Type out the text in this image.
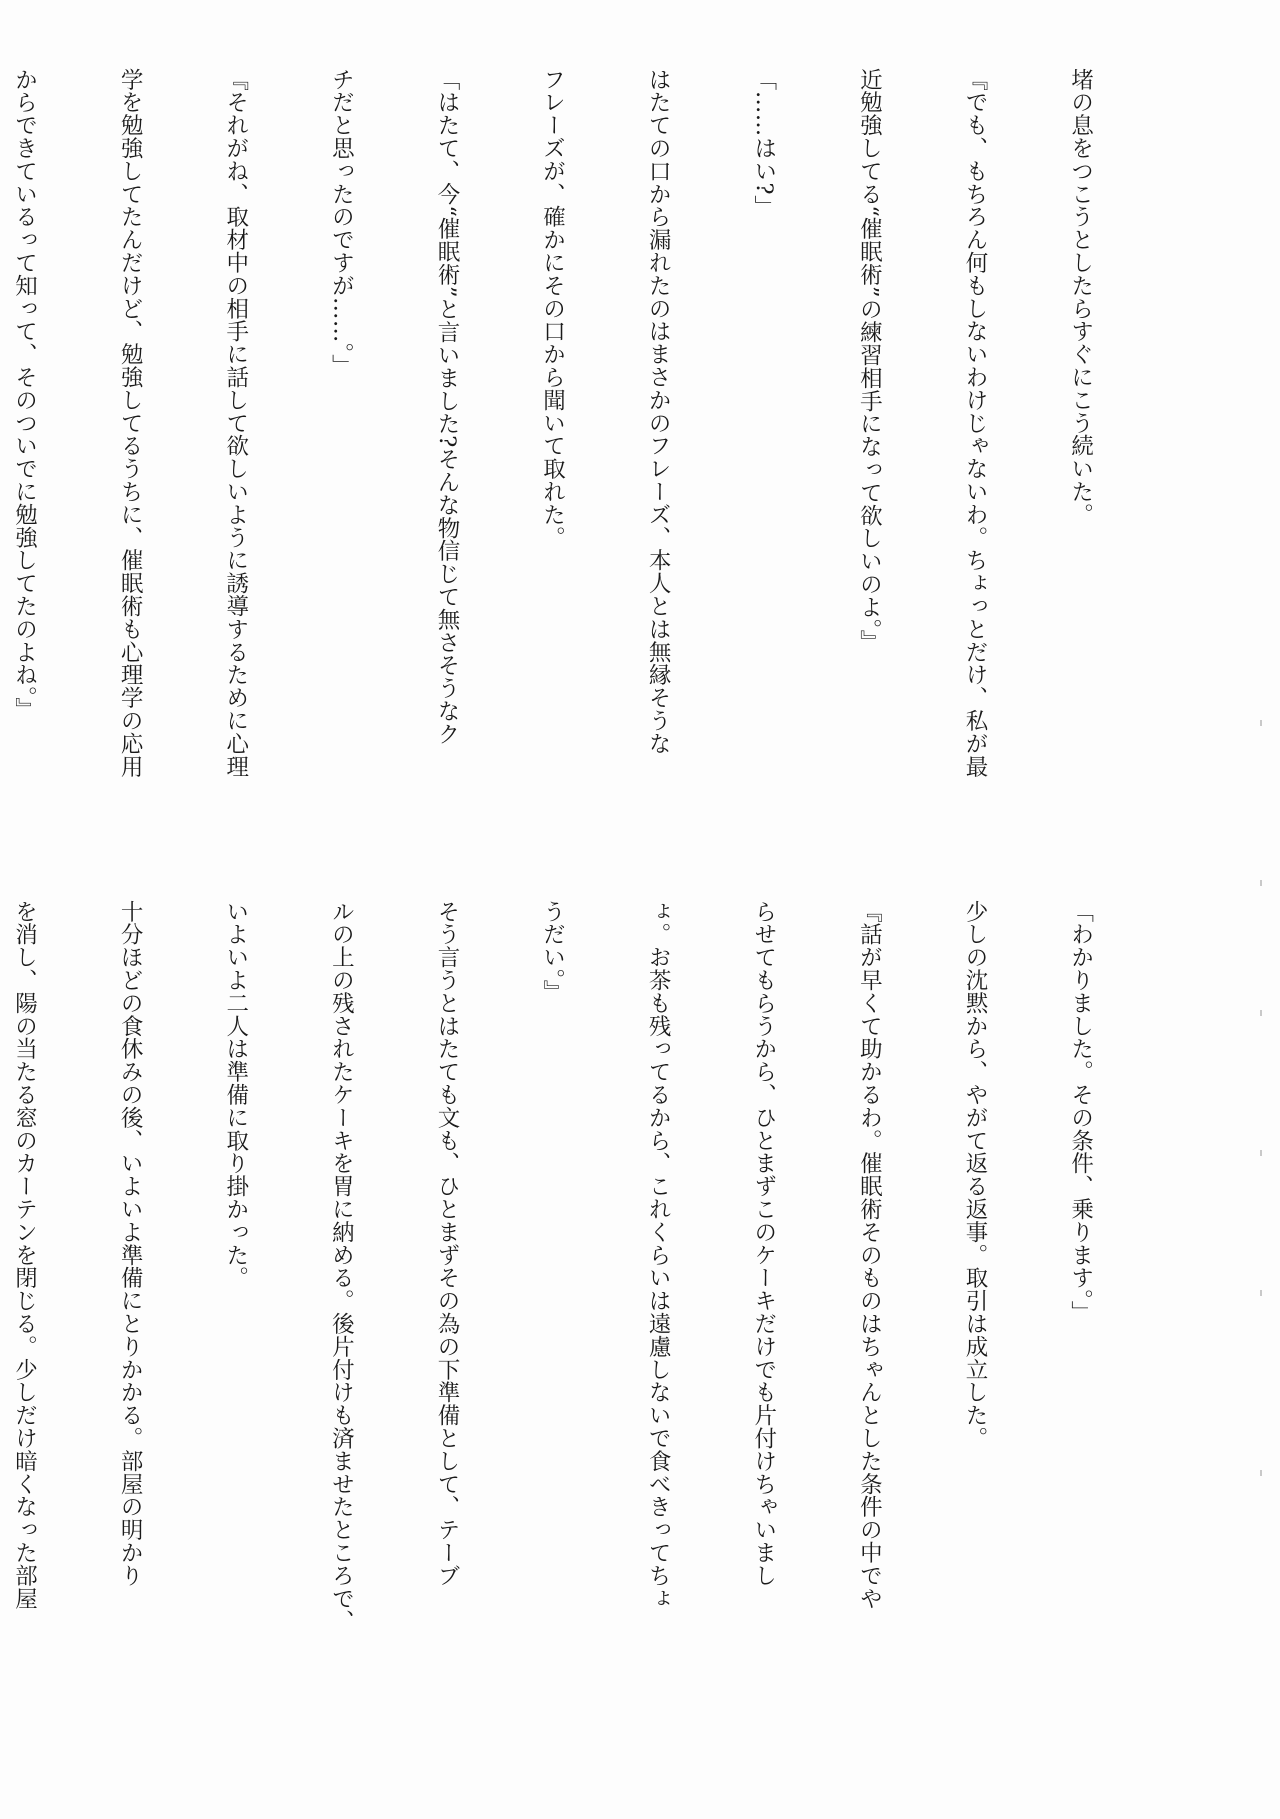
堵の息をつこうとしたらすぐにこう続いた。

『でも、もちろん何もしないわけじゃないわ。ちょっとだけ、私が最

近勉強してる“催眠術”の練習相手になって欲しいのよ。』

「……はい?」

はたての口から漏れたのはまさかのフレーズ、本人とは無縁そうな

フレーズが、確かにその口から聞いて取れた。

「はたて、今“催眠術”と言いました?そんな物信じて無さそうなク

チだと思ったのですが……。」

『それがね、取材中の相手に話して欲しいように誘導するために心理

学を勉強してたんだけど、勉強してるうちに、催眠術も心理学の応用

からできているって知って、そのついでに勉強してたのよね。』

「わかりました。その条件、乗ります。」

少しの沈黙から、やがて返る返事。取引は成立した。

『話が早くて助かるわ。催眠術そのものはちゃんとした条件の中でや

らせてもらうから、ひとまずこのケーキだけでも片付けちゃいまし

ょ。お茶も残ってるから、これくらいは遠慮しないで食べきってちょ

うだい。』

そう言うとはたても文も、ひとまずその為の下準備として、テーブ

ルの上の残されたケーキを胃に納める。後片付けも済ませたところで、

いよいよ二人は準備に取り掛かった。

十分ほどの食休みの後、いよいよ準備にとりかかる。部屋の明かり

を消し、陽の当たる窓のカーテンを閉じる。少しだけ暗くなった部屋
